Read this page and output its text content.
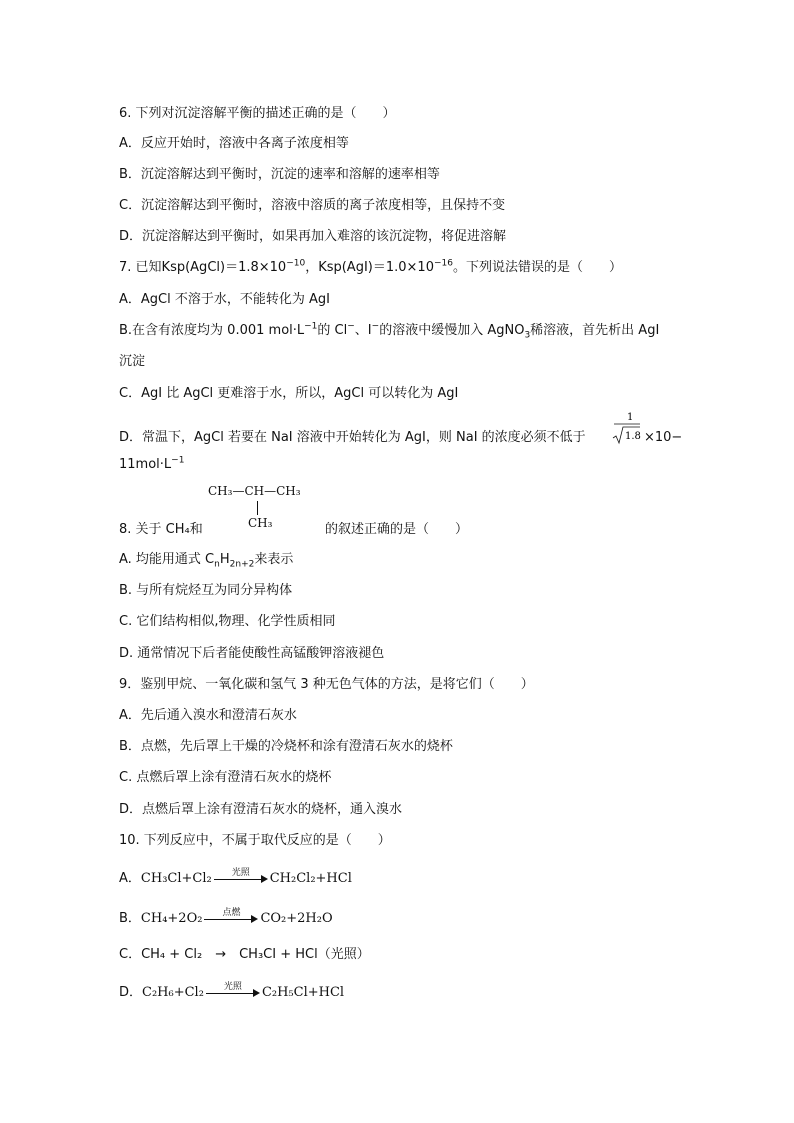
6. 下列对沉淀溶解平衡的描述正确的是（　　）
A．反应开始时，溶液中各离子浓度相等
B．沉淀溶解达到平衡时，沉淀的速率和溶解的速率相等
C．沉淀溶解达到平衡时，溶液中溶质的离子浓度相等，且保持不变
D．沉淀溶解达到平衡时，如果再加入难溶的该沉淀物，将促进溶解
7. 已知$Ksp(AgCl)=1.8\times 10^{-10}$，$Ksp(AgI)=1.0\times 10^{-16}$。下列说法错误的是（　　）
A．AgCl 不溶于水，不能转化为 AgI
B.在含有浓度均为 0.001 $mol\cdot L^{-1}$的 Cl−、I−的溶液中缓慢加入 AgNO$_3$稀溶液，首先析出 AgI
沉淀
C．AgI 比 AgCl 更难溶于水，所以，AgCl 可以转化为 AgI
D．常温下，AgCl 若要在 NaI 溶液中开始转化为 AgI，则 NaI 的浓度必须不低于
1
1.8 ×10−
$11mol\cdot L^{-1}$
CH₃—CH—CH₃
CH₃
8. 关于 CH₄和	的叙述正确的是（　　）
A. 均能用通式 $C_nH_{2n+2}$来表示
B. 与所有烷烃互为同分异构体
C. 它们结构相似,物理、化学性质相同
D. 通常情况下后者能使酸性高锰酸钾溶液褪色
9．鉴别甲烷、一氧化碳和氢气 3 种无色气体的方法，是将它们（　　）
A．先后通入溴水和澄清石灰水
B．点燃，先后罩上干燥的冷烧杯和涂有澄清石灰水的烧杯
C. 点燃后罩上涂有澄清石灰水的烧杯
D．点燃后罩上涂有澄清石灰水的烧杯，通入溴水
10. 下列反应中，不属于取代反应的是（　　）
A．CH₃Cl+Cl₂	光照	CH₂Cl₂+HCl
B．CH₄+2O₂	点燃	CO₂+2H₂O
C．CH₄ + Cl₂　→　CH₃CI + HCl（光照）
D．C₂H₆+Cl₂	光照	C₂H₅Cl+HCl
